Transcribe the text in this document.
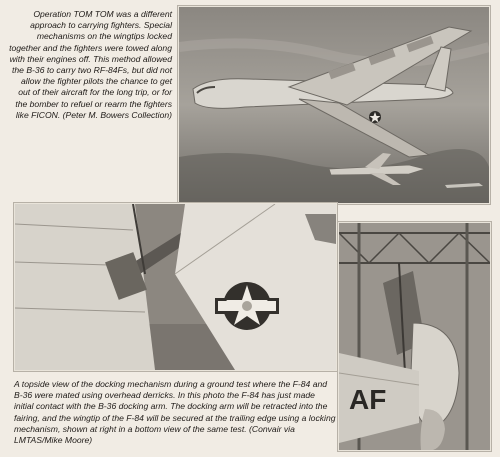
Operation TOM TOM was a different approach to carrying fighters. Special mechanisms on the wingtips locked together and the fighters were towed along with their engines off. This method allowed the B-36 to carry two RF-84Fs, but did not allow the fighter pilots the chance to get out of their aircraft for the long trip, or for the bomber to refuel or rearm the fighters like FICON. (Peter M. Bowers Collection)

AF

A topside view of the docking mechanism during a ground test where the F-84 and B-36 were mated using overhead derricks. In this photo the F-84 has just made initial contact with the B-36 docking arm. The docking arm will be retracted into the fairing, and the wingtip of the F-84 will be secured at the trailing edge using a locking mechanism, shown at right in a bottom view of the same test. (Convair via LMTAS/Mike Moore)
